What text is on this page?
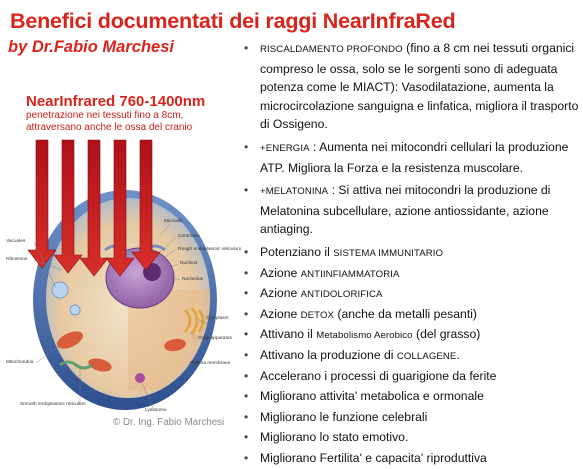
Benefici documentati dei raggi NearInfraRed
by Dr.Fabio Marchesi
NearInfrared 760-1400nm
penetrazione nei tessuti fino a 8cm,
attraversano anche le ossa del cranio
Microvilli
Centrioles
Rough endoplasmic reticulum
Nucleus
Nucleolus
Vacuoles
Ribosome
Cytoplasm
Golgi apparatus
Mitochondria	Plasma membrane
Smooth endoplasmic reticulum
Lysosome
© Dr. Ing. Fabio Marchesi
• RISCALDAMENTO PROFONDO (fino a 8 cm nei tessuti organici compreso le ossa, solo se le sorgenti sono di adeguata potenza come le MIACT): Vasodilatazione, aumenta la microcircolazione sanguigna e linfatica, migliora il trasporto di Ossigeno.
• +ENERGIA : Aumenta nei mitocondri cellulari la produzione ATP. Migliora la Forza e la resistenza muscolare.
• +MELATONINA : Si attiva nei mitocondri la produzione di Melatonina subcellulare, azione antiossidante, azione antiaging.
• Potenziano il SISTEMA IMMUNITARIO
• Azione ANTIINFIAMMATORIA
• Azione ANTIDOLORIFICA
• Azione DETOX (anche da metalli pesanti)
• Attivano il Metabolismo Aerobico (del grasso)
• Attivano la produzione di COLLAGENE.
• Accelerano i processi di guarigione da ferite
• Migliorano attivita' metabolica e ormonale
• Migliorano le funzione celebrali
• Migliorano lo stato emotivo.
• Migliorano Fertilita' e capacita' riproduttiva
